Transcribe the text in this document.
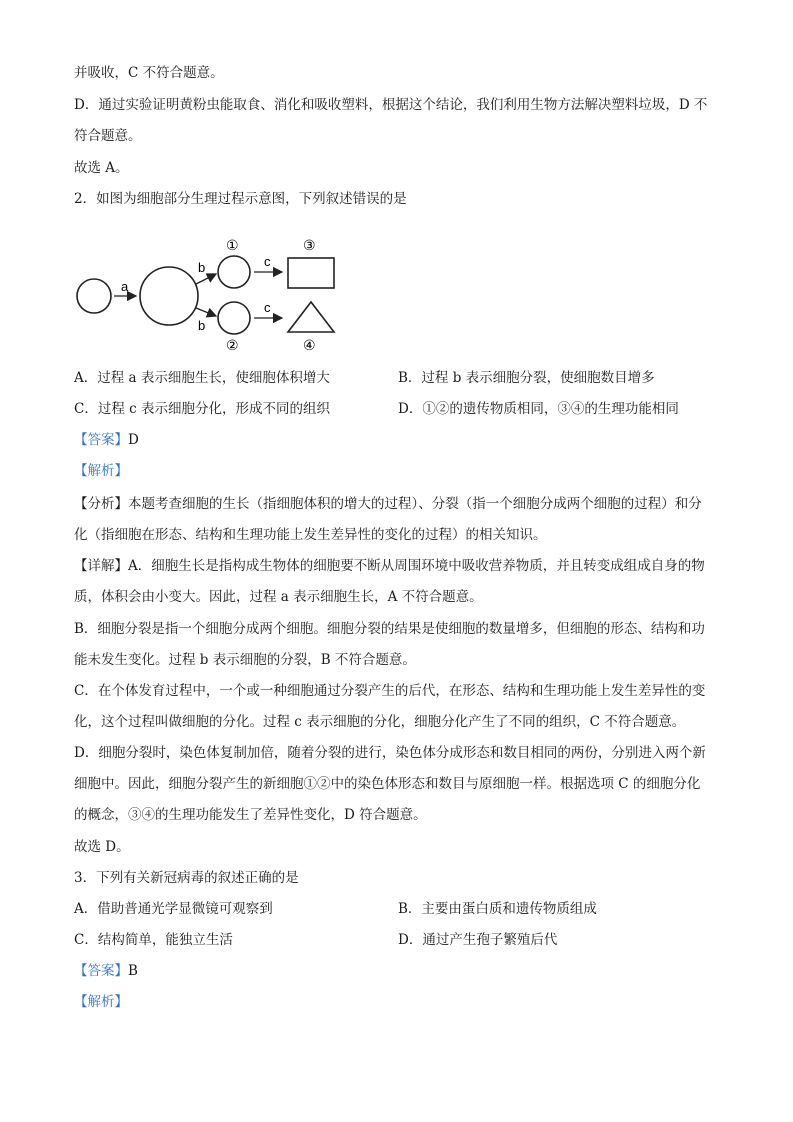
并吸收，C 不符合题意。
D．通过实验证明黄粉虫能取食、消化和吸收塑料，根据这个结论，我们利用生物方法解决塑料垃圾，D 不
符合题意。
故选 A。
2．如图为细胞部分生理过程示意图，下列叙述错误的是
a
b
b
①
②
c
c
③
④
A．过程 a 表示细胞生长，使细胞体积增大	B．过程 b 表示细胞分裂，使细胞数目增多
C．过程 c 表示细胞分化，形成不同的组织	D．①②的遗传物质相同，③④的生理功能相同
【答案】D
【解析】
【分析】本题考查细胞的生长（指细胞体积的增大的过程）、分裂（指一个细胞分成两个细胞的过程）和分
化（指细胞在形态、结构和生理功能上发生差异性的变化的过程）的相关知识。
【详解】A．细胞生长是指构成生物体的细胞要不断从周围环境中吸收营养物质，并且转变成组成自身的物
质，体积会由小变大。因此，过程 a 表示细胞生长，A 不符合题意。
B．细胞分裂是指一个细胞分成两个细胞。细胞分裂的结果是使细胞的数量增多，但细胞的形态、结构和功
能未发生变化。过程 b 表示细胞的分裂，B 不符合题意。
C．在个体发育过程中，一个或一种细胞通过分裂产生的后代，在形态、结构和生理功能上发生差异性的变
化，这个过程叫做细胞的分化。过程 c 表示细胞的分化，细胞分化产生了不同的组织，C 不符合题意。
D．细胞分裂时，染色体复制加倍，随着分裂的进行，染色体分成形态和数目相同的两份，分别进入两个新
细胞中。因此，细胞分裂产生的新细胞①②中的染色体形态和数目与原细胞一样。根据选项 C 的细胞分化
的概念，③④的生理功能发生了差异性变化，D 符合题意。
故选 D。
3．下列有关新冠病毒的叙述正确的是
A．借助普通光学显微镜可观察到	B．主要由蛋白质和遗传物质组成
C．结构简单，能独立生活	D．通过产生孢子繁殖后代
【答案】B
【解析】
